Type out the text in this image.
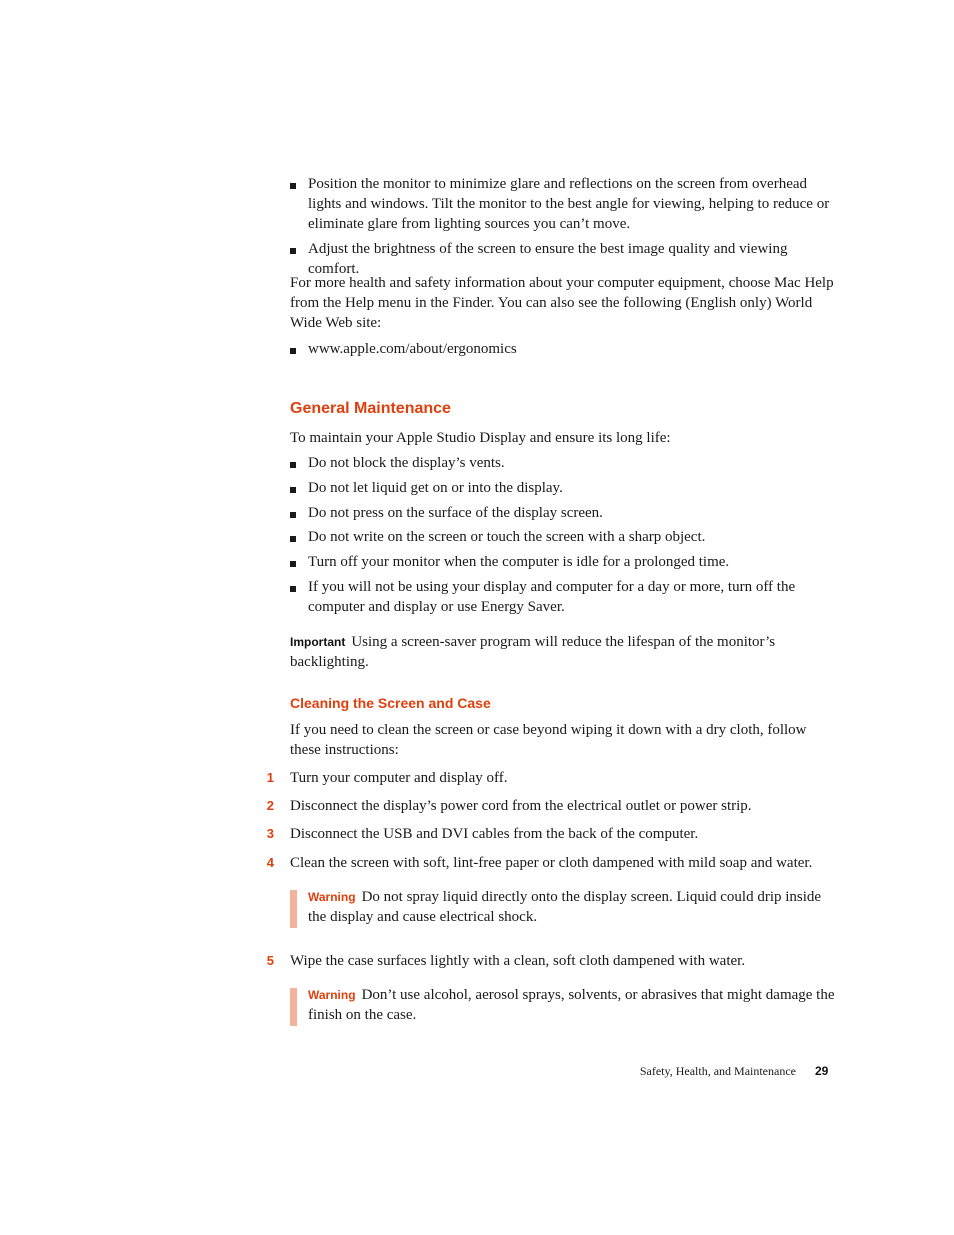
Position the monitor to minimize glare and reflections on the screen from overhead lights and windows. Tilt the monitor to the best angle for viewing, helping to reduce or eliminate glare from lighting sources you can’t move.
Adjust the brightness of the screen to ensure the best image quality and viewing comfort.
For more health and safety information about your computer equipment, choose Mac Help from the Help menu in the Finder. You can also see the following (English only) World Wide Web site:
www.apple.com/about/ergonomics
General Maintenance
To maintain your Apple Studio Display and ensure its long life:
Do not block the display’s vents.
Do not let liquid get on or into the display.
Do not press on the surface of the display screen.
Do not write on the screen or touch the screen with a sharp object.
Turn off your monitor when the computer is idle for a prolonged time.
If you will not be using your display and computer for a day or more, turn off the computer and display or use Energy Saver.
Important Using a screen-saver program will reduce the lifespan of the monitor’s backlighting.
Cleaning the Screen and Case
If you need to clean the screen or case beyond wiping it down with a dry cloth, follow these instructions:
1 Turn your computer and display off.
2 Disconnect the display’s power cord from the electrical outlet or power strip.
3 Disconnect the USB and DVI cables from the back of the computer.
4 Clean the screen with soft, lint-free paper or cloth dampened with mild soap and water.
Warning Do not spray liquid directly onto the display screen. Liquid could drip inside the display and cause electrical shock.
5 Wipe the case surfaces lightly with a clean, soft cloth dampened with water.
Warning Don’t use alcohol, aerosol sprays, solvents, or abrasives that might damage the finish on the case.
Safety, Health, and Maintenance 29
